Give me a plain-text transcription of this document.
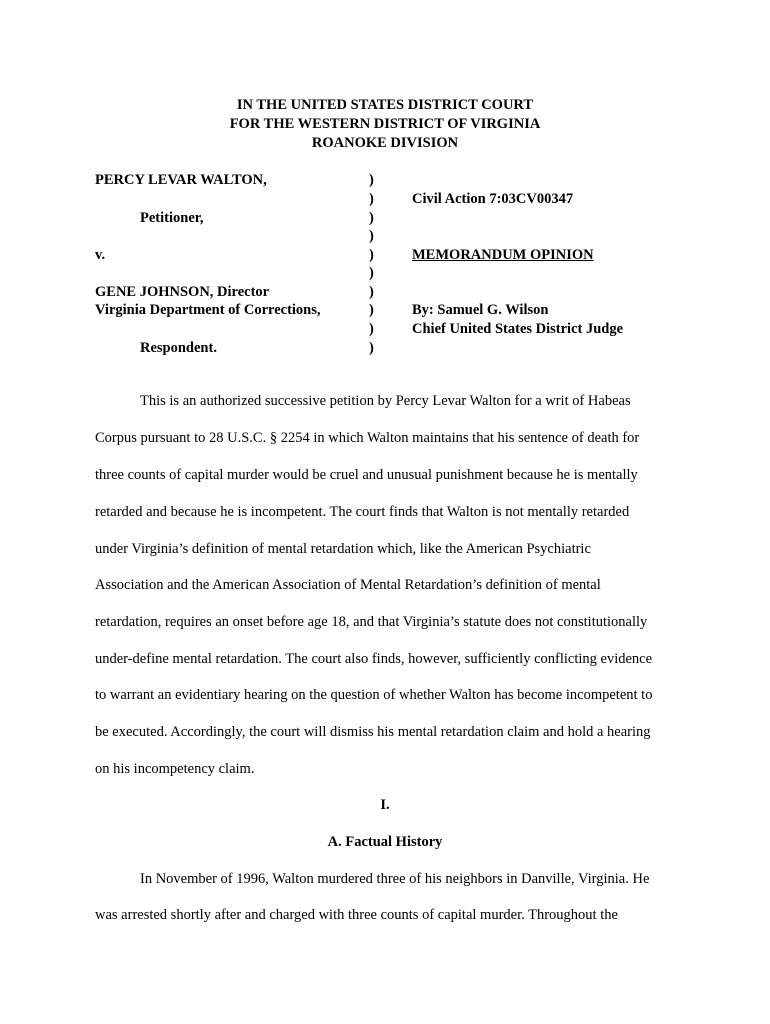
IN THE UNITED STATES DISTRICT COURT
FOR THE WESTERN DISTRICT OF VIRGINIA
ROANOKE DIVISION
PERCY LEVAR WALTON,
Petitioner,
v.
GENE JOHNSON, Director
Virginia Department of Corrections,
Respondent.
)
)
)
)
)
)
)
)
)
)
Civil Action 7:03CV00347
MEMORANDUM OPINION
By: Samuel G. Wilson
Chief United States District Judge
This is an authorized successive petition by Percy Levar Walton for a writ of Habeas
Corpus pursuant to 28 U.S.C. § 2254 in which Walton maintains that his sentence of death for
three counts of capital murder would be cruel and unusual punishment because he is mentally
retarded and because he is incompetent. The court finds that Walton is not mentally retarded
under Virginia’s definition of mental retardation which, like the American Psychiatric
Association and the American Association of Mental Retardation’s definition of mental
retardation, requires an onset before age 18, and that Virginia’s statute does not constitutionally
under-define mental retardation. The court also finds, however, sufficiently conflicting evidence
to warrant an evidentiary hearing on the question of whether Walton has become incompetent to
be executed. Accordingly, the court will dismiss his mental retardation claim and hold a hearing
on his incompetency claim.
I.
A. Factual History
In November of 1996, Walton murdered three of his neighbors in Danville, Virginia. He
was arrested shortly after and charged with three counts of capital murder. Throughout the
